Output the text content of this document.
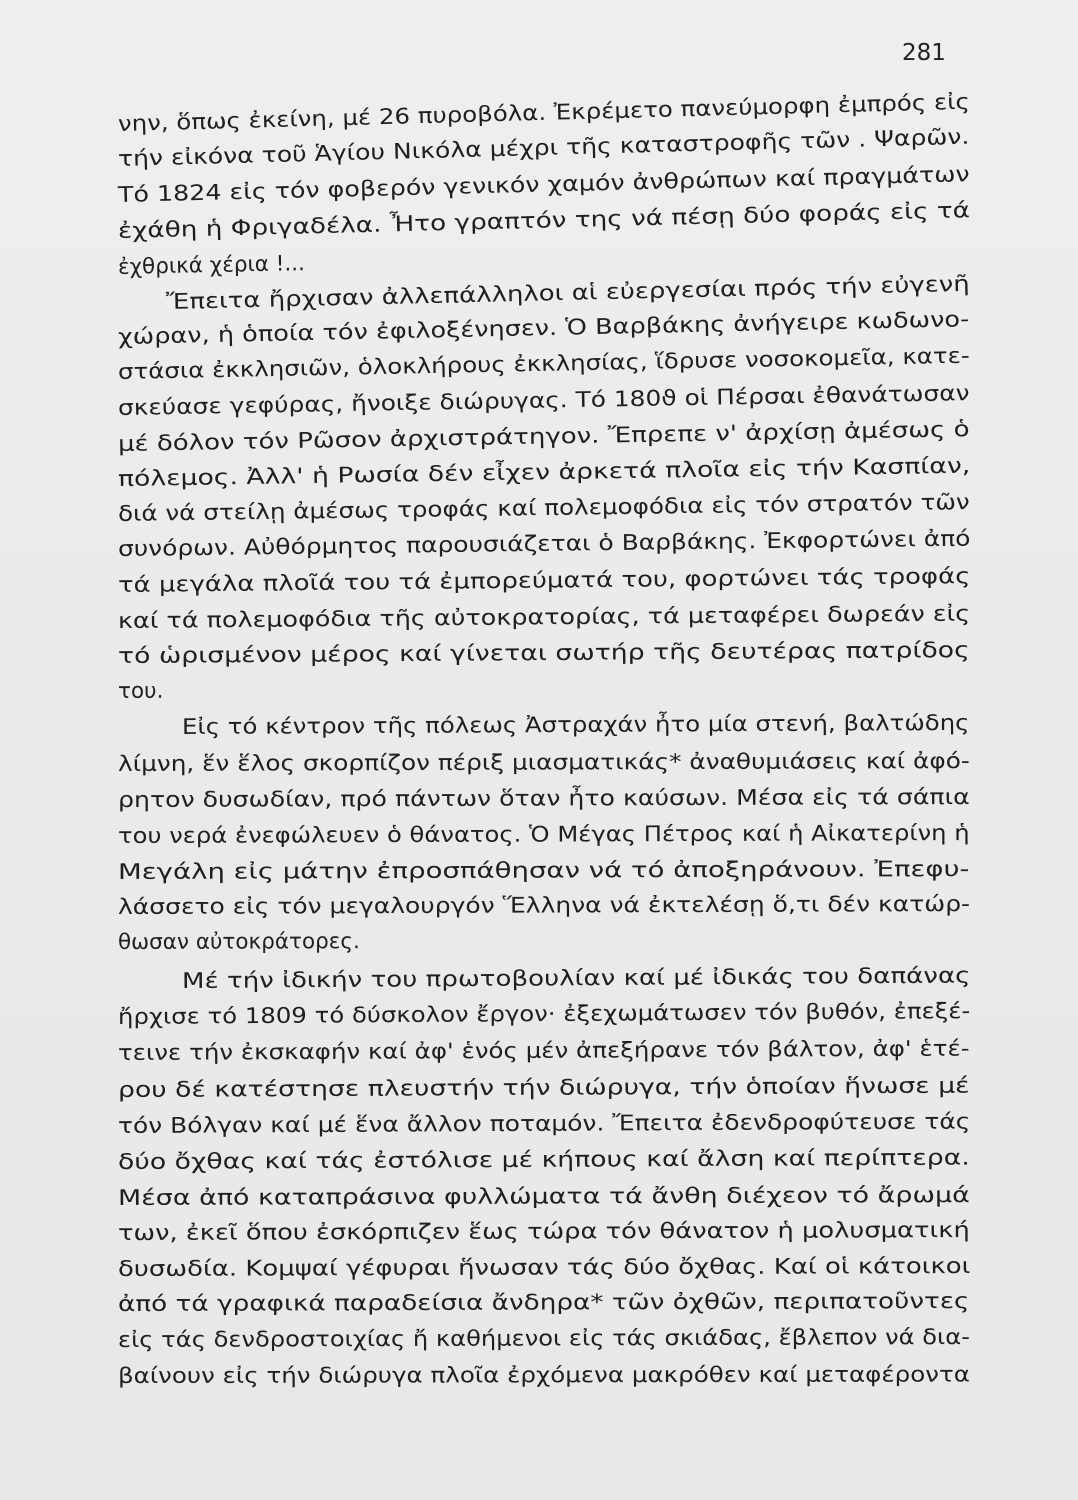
281
νην, ὅπως ἐκείνη, μέ 26 πυροβόλα. Ἐκρέμετο πανεύμορφη ἐμπρός εἰς
τήν εἰκόνα τοῦ Ἁγίου Νικόλα μέχρι τῆς καταστροφῆς τῶν . Ψαρῶν.
Τό 1824 εἰς τόν φοβερόν γενικόν χαμόν ἀνθρώπων καί πραγμάτων
ἐχάθη ἡ Φριγαδέλα. Ἦτο γραπτόν της νά πέσῃ δύο φοράς εἰς τά
ἐχθρικά χέρια !...
Ἔπειτα ἤρχισαν ἀλλεπάλληλοι αἱ εὐεργεσίαι πρός τήν εὐγενῆ
χώραν, ἡ ὁποία τόν ἐφιλοξένησεν. Ὁ Βαρβάκης ἀνήγειρε κωδωνο-
στάσια ἐκκλησιῶν, ὁλοκλήρους ἐκκλησίας, ἵδρυσε νοσοκομεῖα, κατε-
σκεύασε γεφύρας, ἤνοιξε διώρυγας. Τό 180ϑ οἱ Πέρσαι ἐθανάτωσαν
μέ δόλον τόν Ρῶσον ἀρχιστράτηγον. Ἔπρεπε ν' ἀρχίσῃ ἀμέσως ὁ
πόλεμος. Ἀλλ' ἡ Ρωσία δέν εἶχεν ἀρκετά πλοῖα εἰς τήν Κασπίαν,
διά νά στείλῃ ἀμέσως τροφάς καί πολεμοφόδια εἰς τόν στρατόν τῶν
συνόρων. Αὐθόρμητος παρουσιάζεται ὁ Βαρβάκης. Ἐκφορτώνει ἀπό
τά μεγάλα πλοῖά του τά ἐμπορεύματά του, φορτώνει τάς τροφάς
καί τά πολεμοφόδια τῆς αὐτοκρατορίας, τά μεταφέρει δωρεάν εἰς
τό ὡρισμένον μέρος καί γίνεται σωτήρ τῆς δευτέρας πατρίδος
του.
Εἰς τό κέντρον τῆς πόλεως Ἀστραχάν ἦτο μία στενή, βαλτώδης
λίμνη, ἕν ἕλος σκορπίζον πέριξ μιασματικάς* ἀναθυμιάσεις καί ἀφό-
ρητον δυσωδίαν, πρό πάντων ὅταν ἦτο καύσων. Μέσα εἰς τά σάπια
του νερά ἐνεφώλευεν ὁ θάνατος. Ὁ Μέγας Πέτρος καί ἡ Αἰκατερίνη ἡ
Μεγάλη εἰς μάτην ἐπροσπάθησαν νά τό ἀποξηράνουν. Ἐπεφυ-
λάσσετο εἰς τόν μεγαλουργόν Ἕλληνα νά ἐκτελέσῃ ὅ,τι δέν κατώρ-
θωσαν αὐτοκράτορες.
Μέ τήν ἰδικήν του πρωτοβουλίαν καί μέ ἰδικάς του δαπάνας
ἤρχισε τό 1809 τό δύσκολον ἔργον· ἐξεχωμάτωσεν τόν βυθόν, ἐπεξέ-
τεινε τήν ἐκσκαφήν καί ἀφ' ἑνός μέν ἀπεξήρανε τόν βάλτον, ἀφ' ἑτέ-
ρου δέ κατέστησε πλευστήν τήν διώρυγα, τήν ὁποίαν ἥνωσε μέ
τόν Βόλγαν καί μέ ἕνα ἄλλον ποταμόν. Ἔπειτα ἐδενδροφύτευσε τάς
δύο ὄχθας καί τάς ἐστόλισε μέ κήπους καί ἄλση καί περίπτερα.
Μέσα ἀπό καταπράσινα φυλλώματα τά ἄνθη διέχεον τό ἄρωμά
των, ἐκεῖ ὅπου ἐσκόρπιζεν ἕως τώρα τόν θάνατον ἡ μολυσματική
δυσωδία. Κομψαί γέφυραι ἥνωσαν τάς δύο ὄχθας. Καί οἱ κάτοικοι
ἀπό τά γραφικά παραδείσια ἄνδηρα* τῶν ὀχθῶν, περιπατοῦντες
εἰς τάς δενδροστοιχίας ἤ καθήμενοι εἰς τάς σκιάδας, ἔβλεπον νά δια-
βαίνουν εἰς τήν διώρυγα πλοῖα ἐρχόμενα μακρόθεν καί μεταφέροντα
